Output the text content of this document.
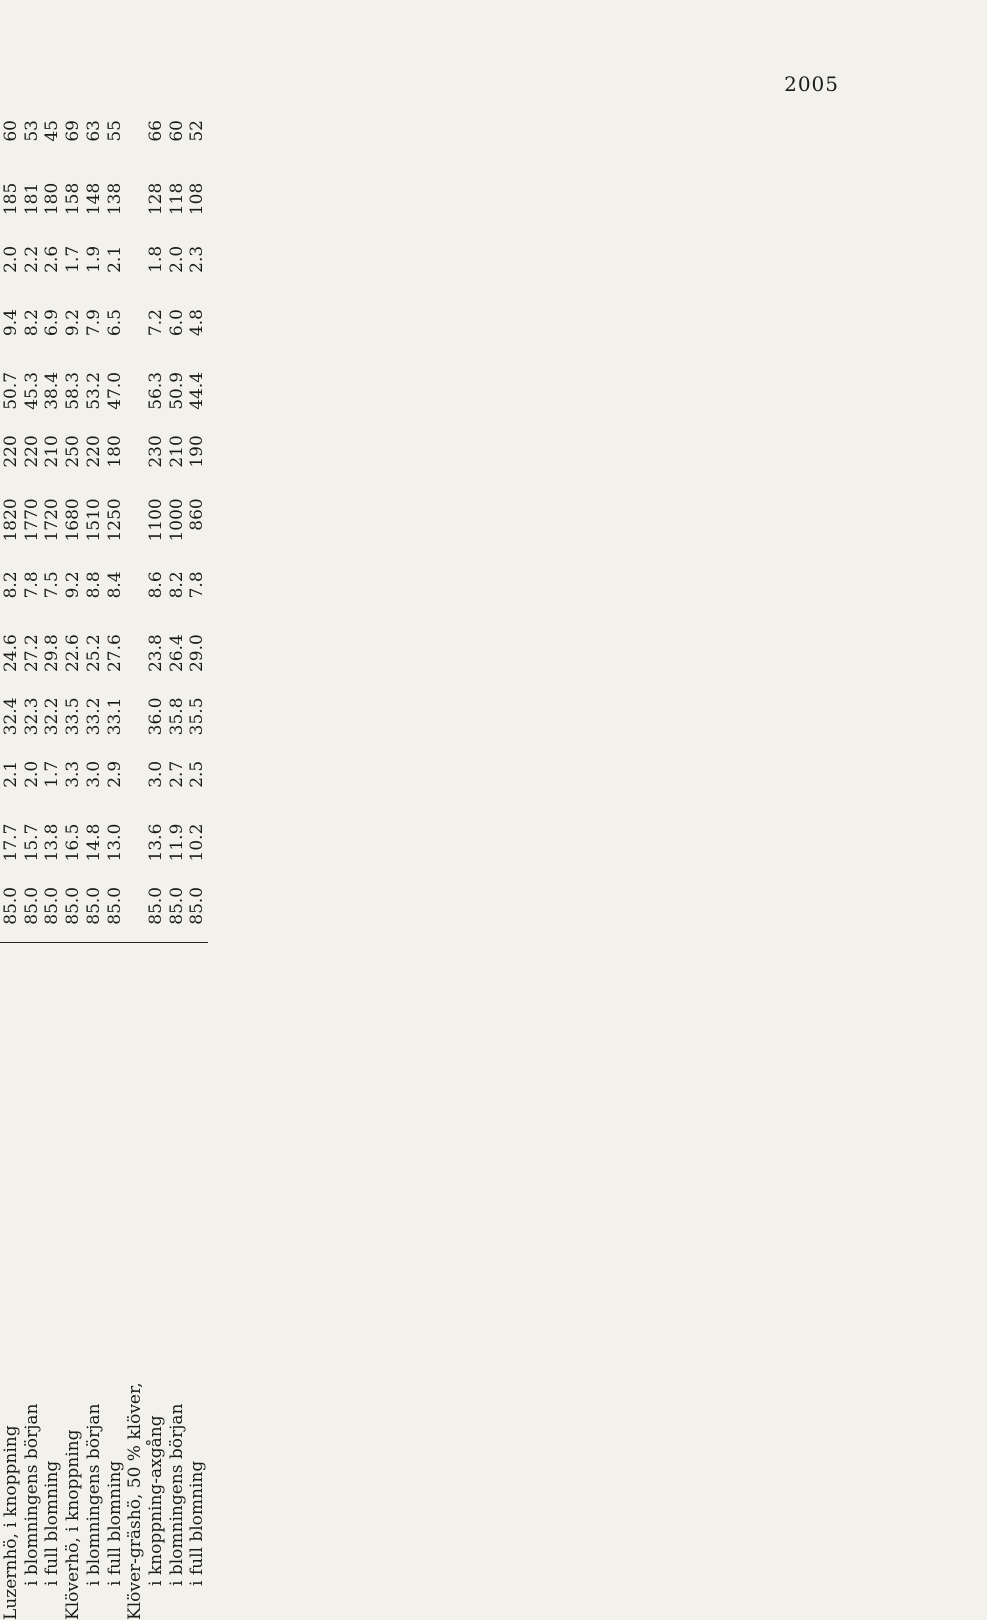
2005

Luzernhö, i knoppning	85.0	17.7	2.1	32.4	24.6	8.2	1820	220	50.7	9.4	2.0	185	60
i blomningens början	85.0	15.7	2.0	32.3	27.2	7.8	1770	220	45.3	8.2	2.2	181	53
i full blomning	85.0	13.8	1.7	32.2	29.8	7.5	1720	210	38.4	6.9	2.6	180	45
Klöverhö, i knoppning	85.0	16.5	3.3	33.5	22.6	9.2	1680	250	58.3	9.2	1.7	158	69
i blomningens början	85.0	14.8	3.0	33.2	25.2	8.8	1510	220	53.2	7.9	1.9	148	63
i full blomning	85.0	13.0	2.9	33.1	27.6	8.4	1250	180	47.0	6.5	2.1	138	55
Klöver-gräshö, 50 % klöver,													
i knoppning-axgång	85.0	13.6	3.0	36.0	23.8	8.6	1100	230	56.3	7.2	1.8	128	66
i blomningens början	85.0	11.9	2.7	35.8	26.4	8.2	1000	210	50.9	6.0	2.0	118	60
i full blomning	85.0	10.2	2.5	35.5	29.0	7.8	860	190	44.4	4.8	2.3	108	52
